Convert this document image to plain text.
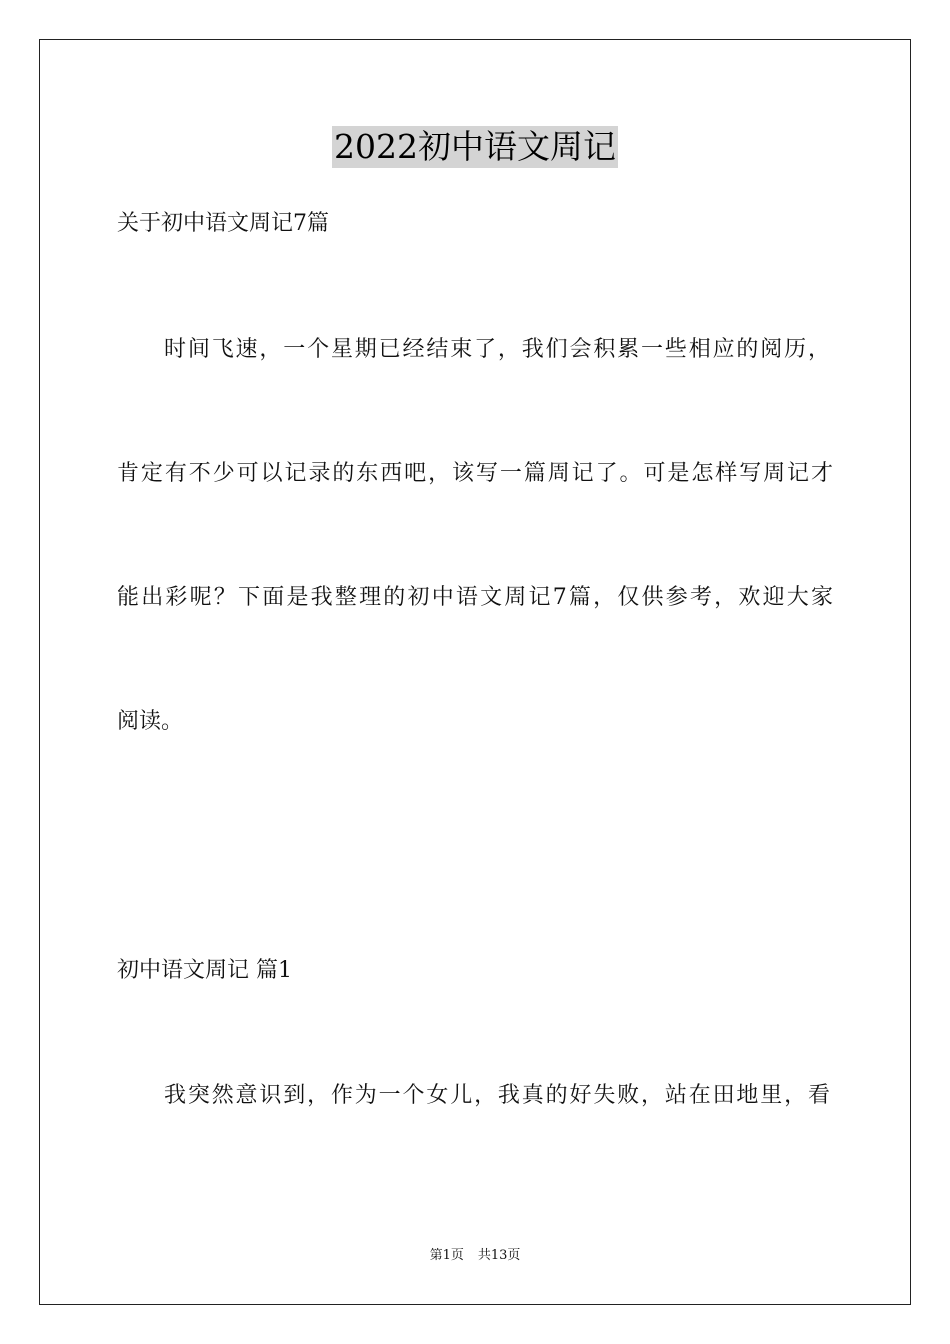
2022初中语文周记
关于初中语文周记7篇
时间飞速，一个星期已经结束了，我们会积累一些相应的阅历，
肯定有不少可以记录的东西吧，该写一篇周记了。可是怎样写周记才
能出彩呢？下面是我整理的初中语文周记7篇，仅供参考，欢迎大家
阅读。
初中语文周记 篇1
我突然意识到，作为一个女儿，我真的好失败，站在田地里，看
第1页 共13页
